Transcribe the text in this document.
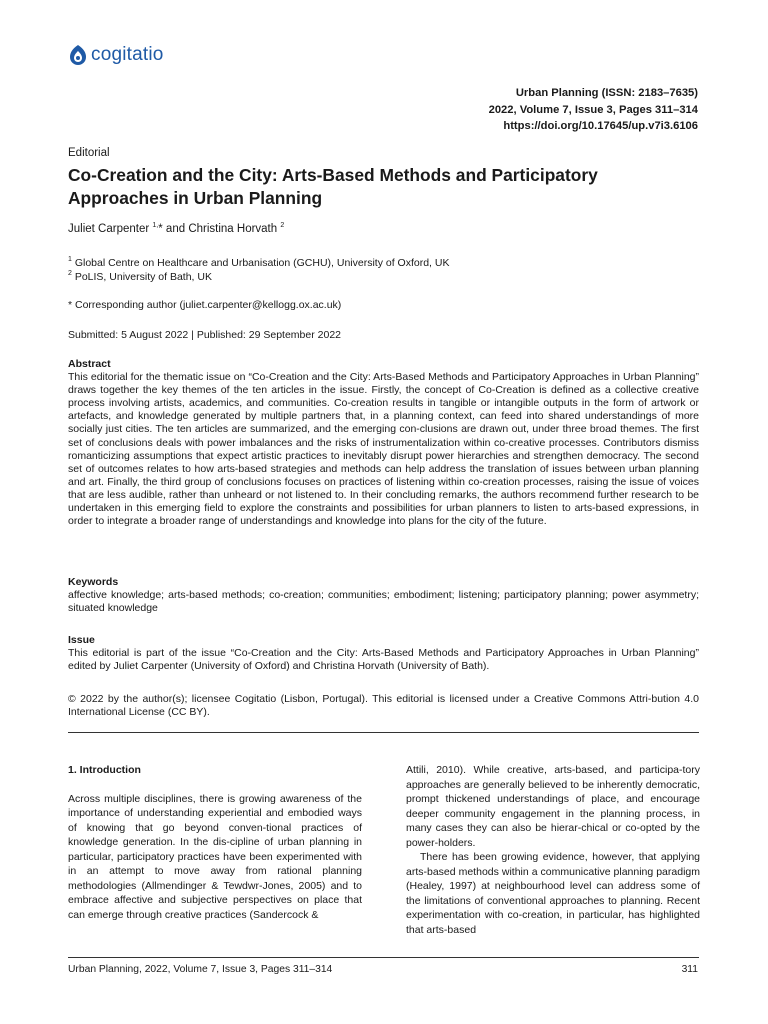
cogitatio
Urban Planning (ISSN: 2183–7635)
2022, Volume 7, Issue 3, Pages 311–314
https://doi.org/10.17645/up.v7i3.6106
Editorial
Co-Creation and the City: Arts-Based Methods and Participatory Approaches in Urban Planning
Juliet Carpenter $^{1,}$* and Christina Horvath $^2$
$^1$ Global Centre on Healthcare and Urbanisation (GCHU), University of Oxford, UK
$^2$ PoLIS, University of Bath, UK
* Corresponding author (juliet.carpenter@kellogg.ox.ac.uk)
Submitted: 5 August 2022 | Published: 29 September 2022
Abstract
This editorial for the thematic issue on “Co-Creation and the City: Arts-Based Methods and Participatory Approaches in Urban Planning” draws together the key themes of the ten articles in the issue. Firstly, the concept of Co-Creation is defined as a collective creative process involving artists, academics, and communities. Co-creation results in tangible or intangible outputs in the form of artwork or artefacts, and knowledge generated by multiple partners that, in a planning context, can feed into shared understandings of more socially just cities. The ten articles are summarized, and the emerging con-clusions are drawn out, under three broad themes. The first set of conclusions deals with power imbalances and the risks of instrumentalization within co-creative processes. Contributors dismiss romanticizing assumptions that expect artistic practices to inevitably disrupt power hierarchies and strengthen democracy. The second set of outcomes relates to how arts-based strategies and methods can help address the translation of issues between urban planning and art. Finally, the third group of conclusions focuses on practices of listening within co-creation processes, raising the issue of voices that are less audible, rather than unheard or not listened to. In their concluding remarks, the authors recommend further research to be undertaken in this emerging field to explore the constraints and possibilities for urban planners to listen to arts-based expressions, in order to integrate a broader range of understandings and knowledge into plans for the city of the future.
Keywords
affective knowledge; arts-based methods; co-creation; communities; embodiment; listening; participatory planning; power asymmetry; situated knowledge
Issue
This editorial is part of the issue “Co-Creation and the City: Arts-Based Methods and Participatory Approaches in Urban Planning” edited by Juliet Carpenter (University of Oxford) and Christina Horvath (University of Bath).
© 2022 by the author(s); licensee Cogitatio (Lisbon, Portugal). This editorial is licensed under a Creative Commons Attri-bution 4.0 International License (CC BY).

1. Introduction

Across multiple disciplines, there is growing awareness of the importance of understanding experiential and embodied ways of knowing that go beyond conven-tional practices of knowledge generation. In the dis-cipline of urban planning in particular, participatory practices have been experimented with in an attempt to move away from rational planning methodologies (Allmendinger & Tewdwr-Jones, 2005) and to embrace affective and subjective perspectives on place that can emerge through creative practices (Sandercock &

Attili, 2010). While creative, arts-based, and participa-tory approaches are generally believed to be inherently democratic, prompt thickened understandings of place, and encourage deeper community engagement in the planning process, in many cases they can also be hierar-chical or co-opted by the power-holders.

There has been growing evidence, however, that applying arts-based methods within a communicative planning paradigm (Healey, 1997) at neighbourhood level can address some of the limitations of conventional approaches to planning. Recent experimentation with co-creation, in particular, has highlighted that arts-based

Urban Planning, 2022, Volume 7, Issue 3, Pages 311–314	311
